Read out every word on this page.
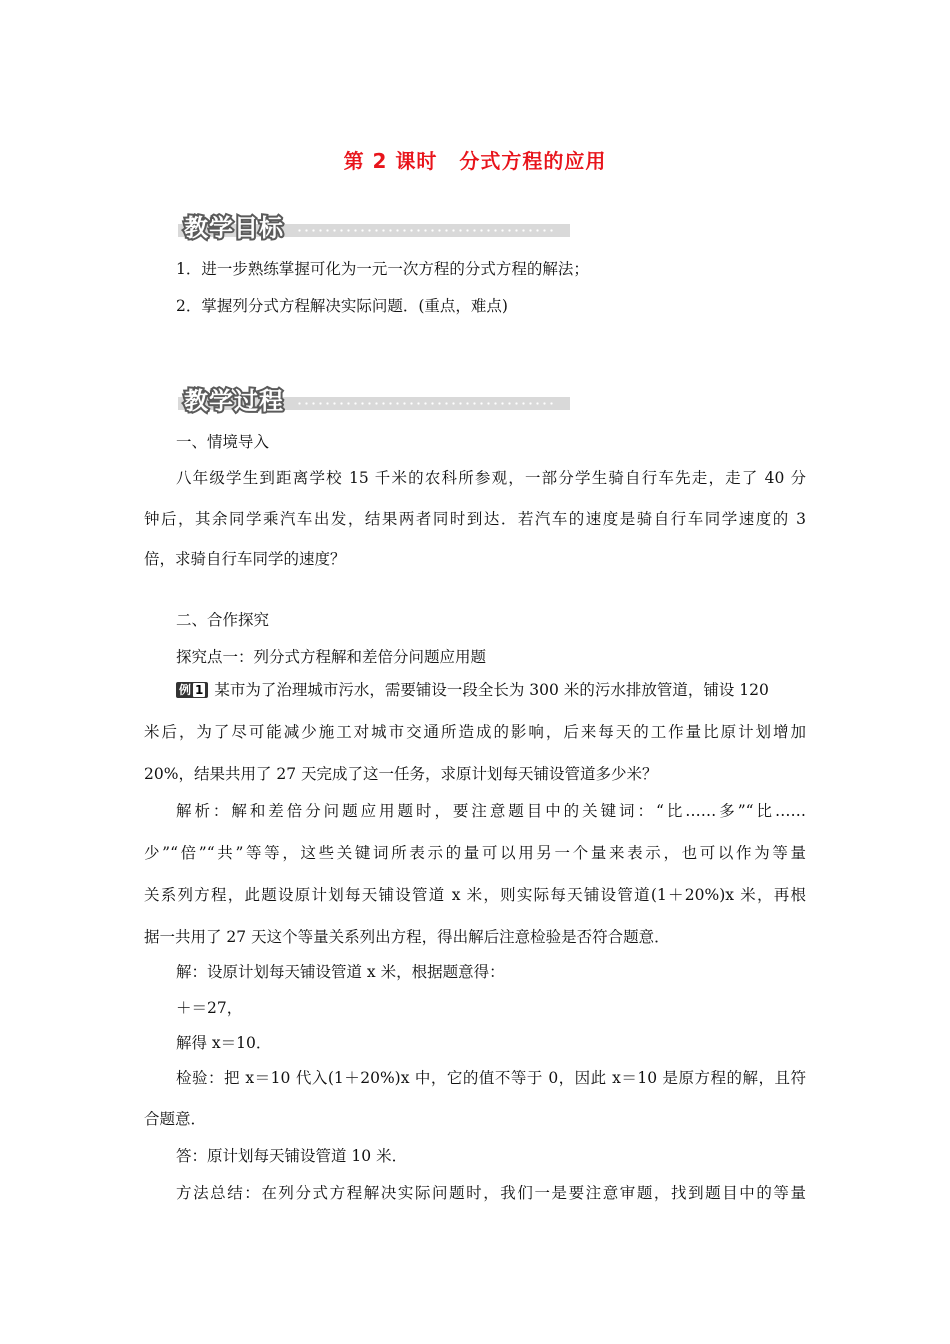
第 2 课时 分式方程的应用
教学目标
1．进一步熟练掌握可化为一元一次方程的分式方程的解法；
2．掌握列分式方程解决实际问题．(重点，难点)
教学过程
一、情境导入
八年级学生到距离学校 15 千米的农科所参观，一部分学生骑自行车先走，走了 40 分
钟后，其余同学乘汽车出发，结果两者同时到达．若汽车的速度是骑自行车同学速度的 3
倍，求骑自行车同学的速度？
二、合作探究
探究点一：列分式方程解和差倍分问题应用题
例 1 某市为了治理城市污水，需要铺设一段全长为 300 米的污水排放管道，铺设 120
米后，为了尽可能减少施工对城市交通所造成的影响，后来每天的工作量比原计划增加
20%，结果共用了 27 天完成了这一任务，求原计划每天铺设管道多少米？
解析：解和差倍分问题应用题时，要注意题目中的关键词：“比……多”“比……
少”“倍”“共”等等，这些关键词所表示的量可以用另一个量来表示，也可以作为等量
关系列方程，此题设原计划每天铺设管道 x 米，则实际每天铺设管道(1＋20%)x 米，再根
据一共用了 27 天这个等量关系列出方程，得出解后注意检验是否符合题意．
解：设原计划每天铺设管道 x 米，根据题意得：
＋＝27，
解得 x＝10．
检验：把 x＝10 代入(1＋20%)x 中，它的值不等于 0，因此 x＝10 是原方程的解，且符
合题意．
答：原计划每天铺设管道 10 米．
方法总结：在列分式方程解决实际问题时，我们一是要注意审题，找到题目中的等量
